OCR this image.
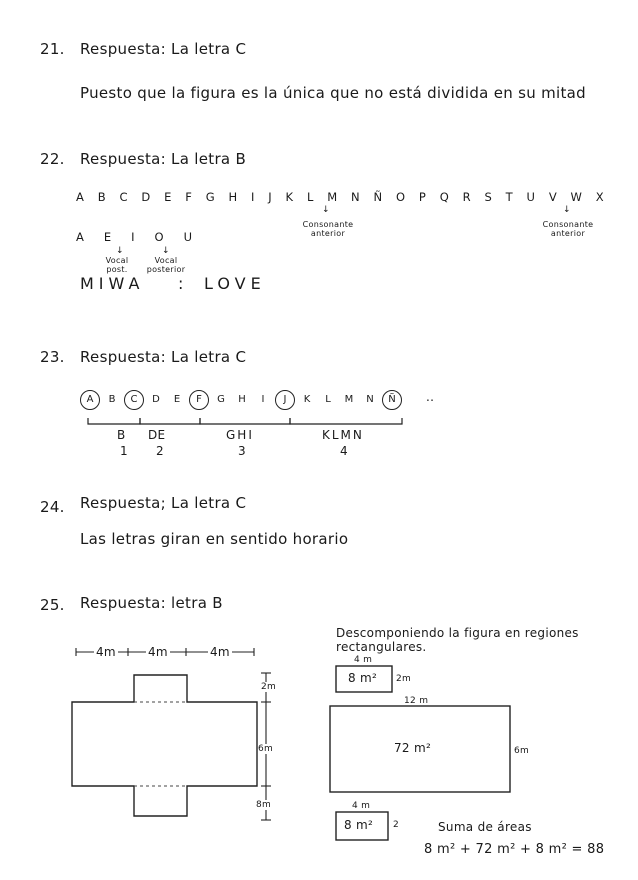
21. Respuesta: La letra C
Puesto que la figura es la única que no está dividida en su mitad
22. Respuesta: La letra B
A B C D E F G H I J K L M N Ñ O P Q R S T U V W X
↓
Consonante
anterior
↓
Consonante
anterior
A E I O U
↓
Vocal
post.
↓
Vocal
posterior
MIWA : LOVE
23. Respuesta: La letra C
A	B	C	D	E	F	G	H	I	J	K	L	M	N	Ñ	..
B DE	GHI	KLMN
1 2	3	4
24. Respuesta; La letra C
Las letras giran en sentido horario
25. Respuesta: letra B
4m	4m	4m
2m
6m
8m
Descomponiendo la figura en regiones
rectangulares.
4 m
8 m² 2m
12 m
72 m²	6m
4 m
8 m² 2	Suma de áreas
8 m² + 72 m² + 8 m² = 88
